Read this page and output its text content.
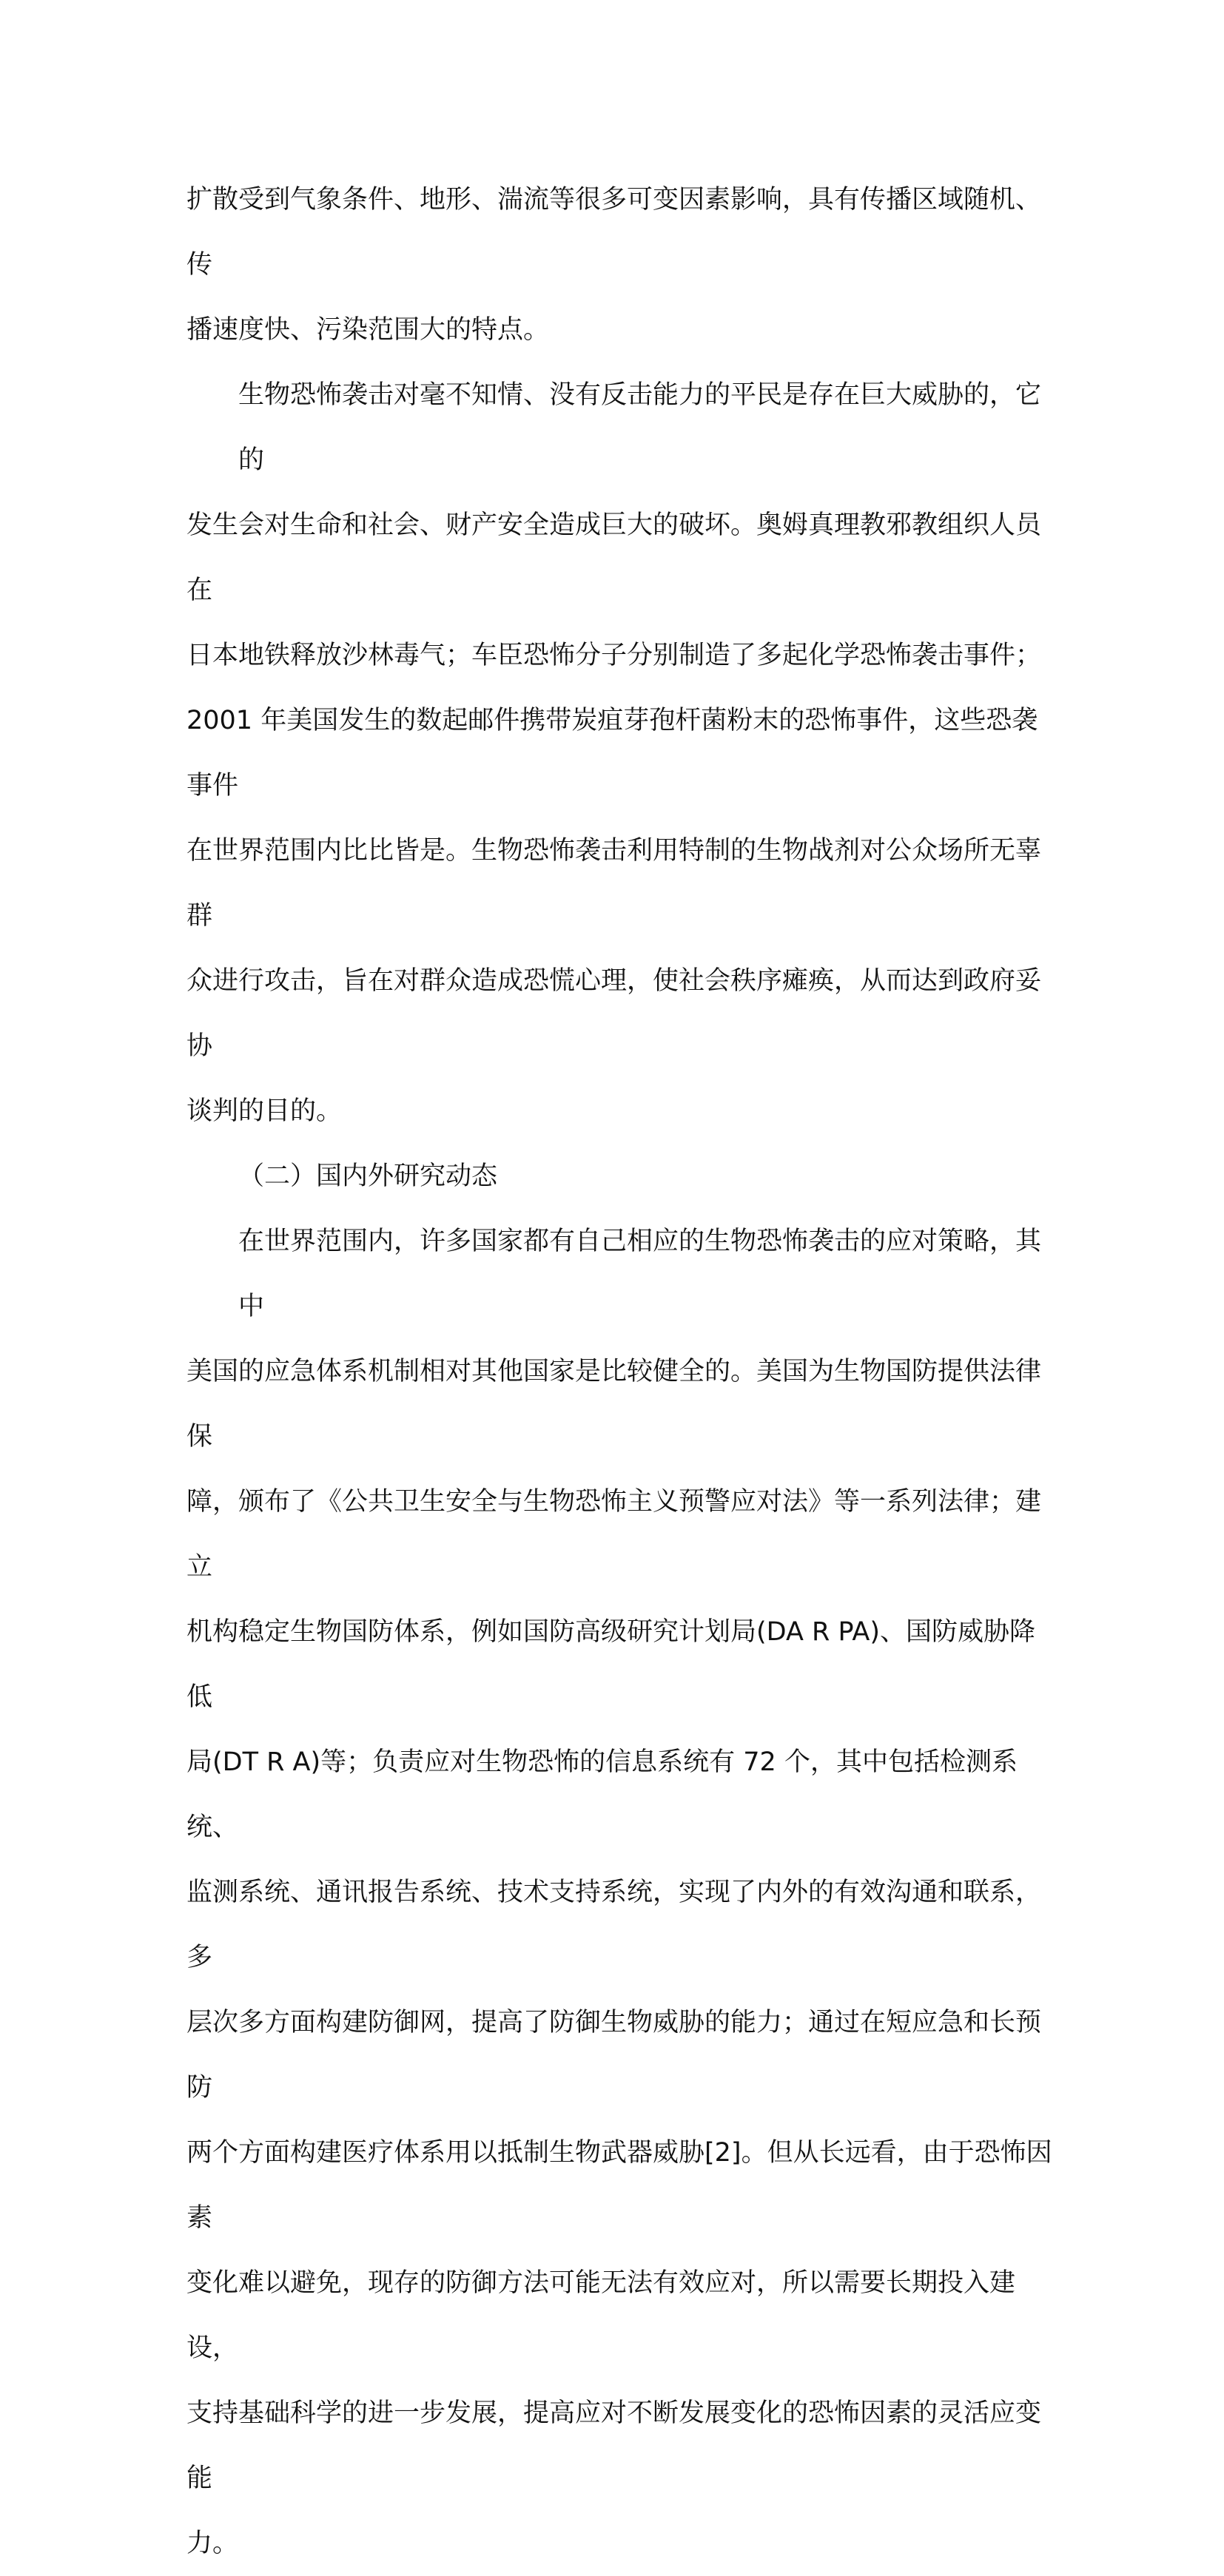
扩散受到气象条件、地形、湍流等很多可变因素影响，具有传播区域随机、传
播速度快、污染范围大的特点。
生物恐怖袭击对毫不知情、没有反击能力的平民是存在巨大威胁的，它的
发生会对生命和社会、财产安全造成巨大的破坏。奥姆真理教邪教组织人员在
日本地铁释放沙林毒气；车臣恐怖分子分别制造了多起化学恐怖袭击事件；
2001 年美国发生的数起邮件携带炭疽芽孢杆菌粉末的恐怖事件，这些恐袭事件
在世界范围内比比皆是。生物恐怖袭击利用特制的生物战剂对公众场所无辜群
众进行攻击，旨在对群众造成恐慌心理，使社会秩序瘫痪，从而达到政府妥协
谈判的目的。
（二）国内外研究动态
在世界范围内，许多国家都有自己相应的生物恐怖袭击的应对策略，其中
美国的应急体系机制相对其他国家是比较健全的。美国为生物国防提供法律保
障，颁布了《公共卫生安全与生物恐怖主义预警应对法》等一系列法律；建立
机构稳定生物国防体系，例如国防高级研究计划局(DA R PA)、国防威胁降低
局(DT R A)等；负责应对生物恐怖的信息系统有 72 个，其中包括检测系统、
监测系统、通讯报告系统、技术支持系统，实现了内外的有效沟通和联系，多
层次多方面构建防御网，提高了防御生物威胁的能力；通过在短应急和长预防
两个方面构建医疗体系用以抵制生物武器威胁[2]。但从长远看，由于恐怖因素
变化难以避免，现存的防御方法可能无法有效应对，所以需要长期投入建设，
支持基础科学的进一步发展，提高应对不断发展变化的恐怖因素的灵活应变能
力。
